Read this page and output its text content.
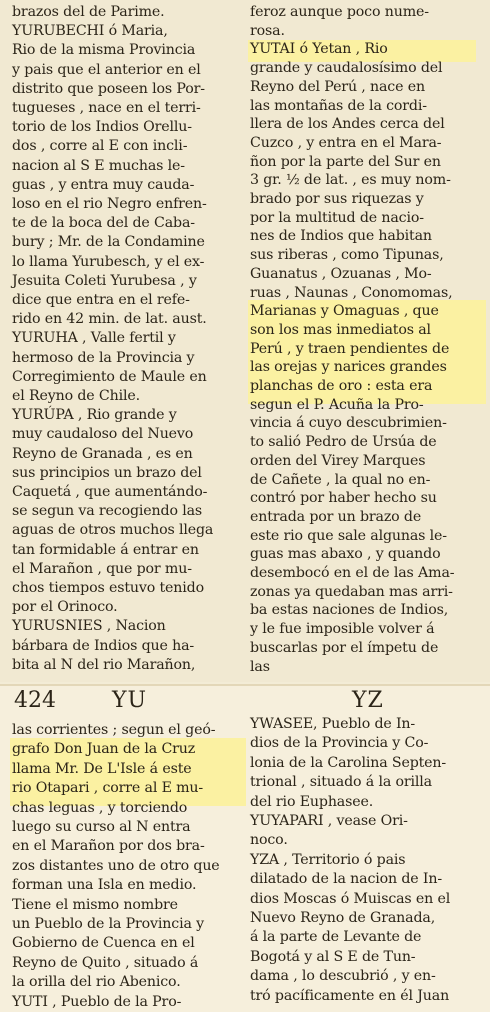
brazos del de Parime.
YURUBECHI ó Maria,
Rio de la misma Provincia
y pais que el anterior en el
distrito que poseen los Por-
tugueses , nace en el terri-
torio de los Indios Orellu-
dos , corre al E con incli-
nacion al S E muchas le-
guas , y entra muy cauda-
loso en el rio Negro enfren-
te de la boca del de Caba-
bury ; Mr. de la Condamine
lo llama Yurubesch, y el ex-
Jesuita Coleti Yurubesa , y
dice que entra en el refe-
rido en 42 min. de lat. aust.
YURUHA , Valle fertil y
hermoso de la Provincia y
Corregimiento de Maule en
el Reyno de Chile.
YURÚPA , Rio grande y
muy caudaloso del Nuevo
Reyno de Granada , es en
sus principios un brazo del
Caquetá , que aumentándo-
se segun va recogiendo las
aguas de otros muchos llega
tan formidable á entrar en
el Marañon , que por mu-
chos tiempos estuvo tenido
por el Orinoco.
YURUSNIES , Nacion
bárbara de Indios que ha-
bita al N del rio Marañon,
feroz aunque poco nume-
rosa.
YUTAI ó Yetan , Rio
grande y caudalosísimo del
Reyno del Perú , nace en
las montañas de la cordi-
llera de los Andes cerca del
Cuzco , y entra en el Mara-
ñon por la parte del Sur en
3 gr. ½ de lat. , es muy nom-
brado por sus riquezas y
por la multitud de nacio-
nes de Indios que habitan
sus riberas , como Tipunas,
Guanatus , Ozuanas , Mo-
ruas , Naunas , Conomomas,
Marianas y Omaguas , que
son los mas inmediatos al
Perú , y traen pendientes de
las orejas y narices grandes
planchas de oro : esta era
segun el P. Acuña la Pro-
vincia á cuyo descubrimien-
to salió Pedro de Ursúa de
orden del Virey Marques
de Cañete , la qual no en-
contró por haber hecho su
entrada por un brazo de
este rio que sale algunas le-
guas mas abaxo , y quando
desembocó en el de las Ama-
zonas ya quedaban mas arri-
ba estas naciones de Indios,
y le fue imposible volver á
buscarlas por el ímpetu de
las
424	YU	YZ
las corrientes ; segun el geó-
grafo Don Juan de la Cruz
llama Mr. De L'Isle á este
rio Otapari , corre al E mu-
chas leguas , y torciendo
luego su curso al N entra
en el Marañon por dos bra-
zos distantes uno de otro que
forman una Isla en medio.
Tiene el mismo nombre
un Pueblo de la Provincia y
Gobierno de Cuenca en el
Reyno de Quito , situado á
la orilla del rio Abenico.
YUTI , Pueblo de la Pro-
YWASEE, Pueblo de In-
dios de la Provincia y Co-
lonia de la Carolina Septen-
trional , situado á la orilla
del rio Euphasee.
YUYAPARI , vease Ori-
noco.
YZA , Territorio ó pais
dilatado de la nacion de In-
dios Moscas ó Muiscas en el
Nuevo Reyno de Granada,
á la parte de Levante de
Bogotá y al S E de Tun-
dama , lo descubrió , y en-
tró pacíficamente en él Juan
